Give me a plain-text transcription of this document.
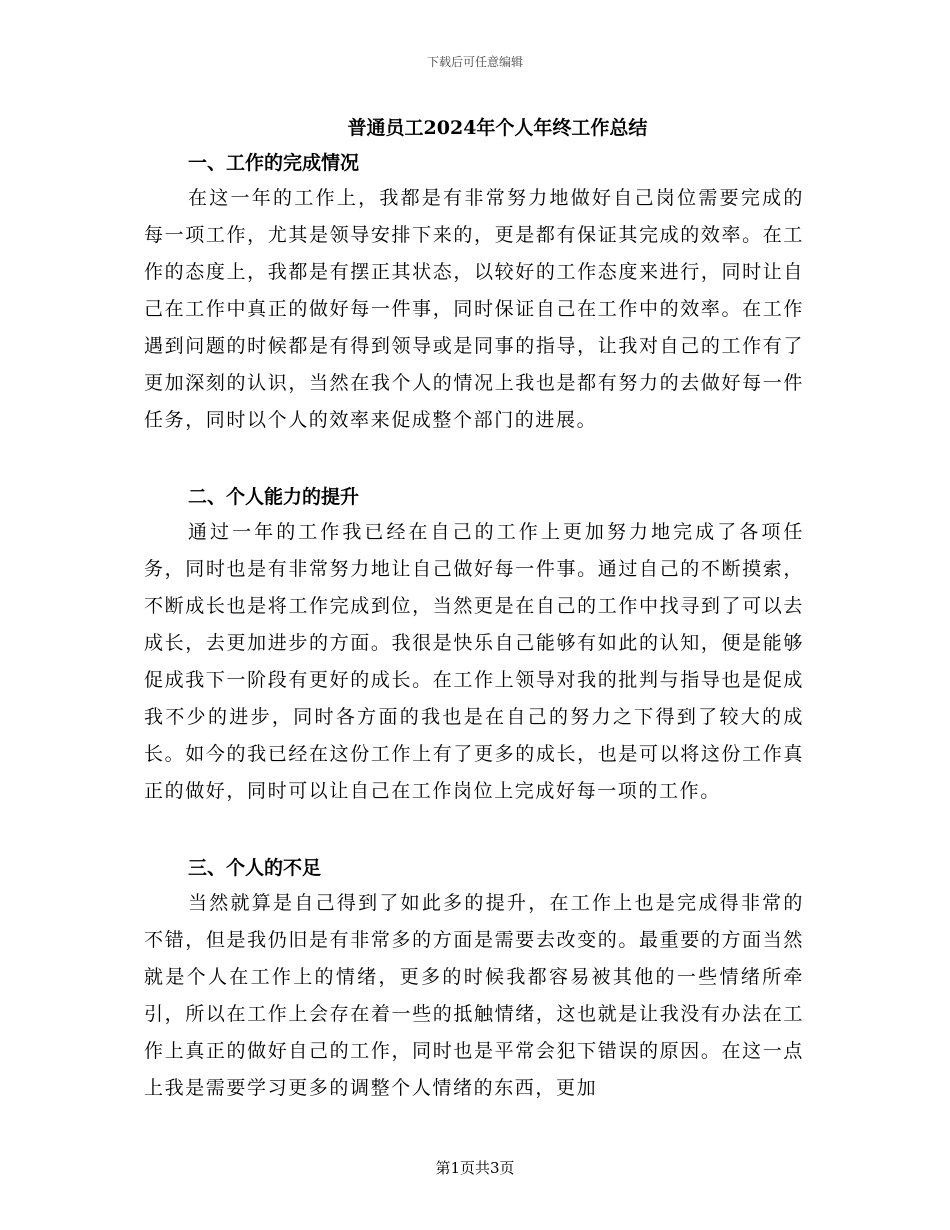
下载后可任意编辑
普通员工2024年个人年终工作总结
一、工作的完成情况

在这一年的工作上，我都是有非常努力地做好自己岗位需要完成的每一项工作，尤其是领导安排下来的，更是都有保证其完成的效率。在工作的态度上，我都是有摆正其状态，以较好的工作态度来进行，同时让自己在工作中真正的做好每一件事，同时保证自己在工作中的效率。在工作遇到问题的时候都是有得到领导或是同事的指导，让我对自己的工作有了更加深刻的认识，当然在我个人的情况上我也是都有努力的去做好每一件任务，同时以个人的效率来促成整个部门的进展。

二、个人能力的提升

通过一年的工作我已经在自己的工作上更加努力地完成了各项任务，同时也是有非常努力地让自己做好每一件事。通过自己的不断摸索，不断成长也是将工作完成到位，当然更是在自己的工作中找寻到了可以去成长，去更加进步的方面。我很是快乐自己能够有如此的认知，便是能够促成我下一阶段有更好的成长。在工作上领导对我的批判与指导也是促成我不少的进步，同时各方面的我也是在自己的努力之下得到了较大的成长。如今的我已经在这份工作上有了更多的成长，也是可以将这份工作真正的做好，同时可以让自己在工作岗位上完成好每一项的工作。

三、个人的不足

当然就算是自己得到了如此多的提升，在工作上也是完成得非常的不错，但是我仍旧是有非常多的方面是需要去改变的。最重要的方面当然就是个人在工作上的情绪，更多的时候我都容易被其他的一些情绪所牵引，所以在工作上会存在着一些的抵触情绪，这也就是让我没有办法在工作上真正的做好自己的工作，同时也是平常会犯下错误的原因。在这一点上我是需要学习更多的调整个人情绪的东西，更加

第1页共3页
